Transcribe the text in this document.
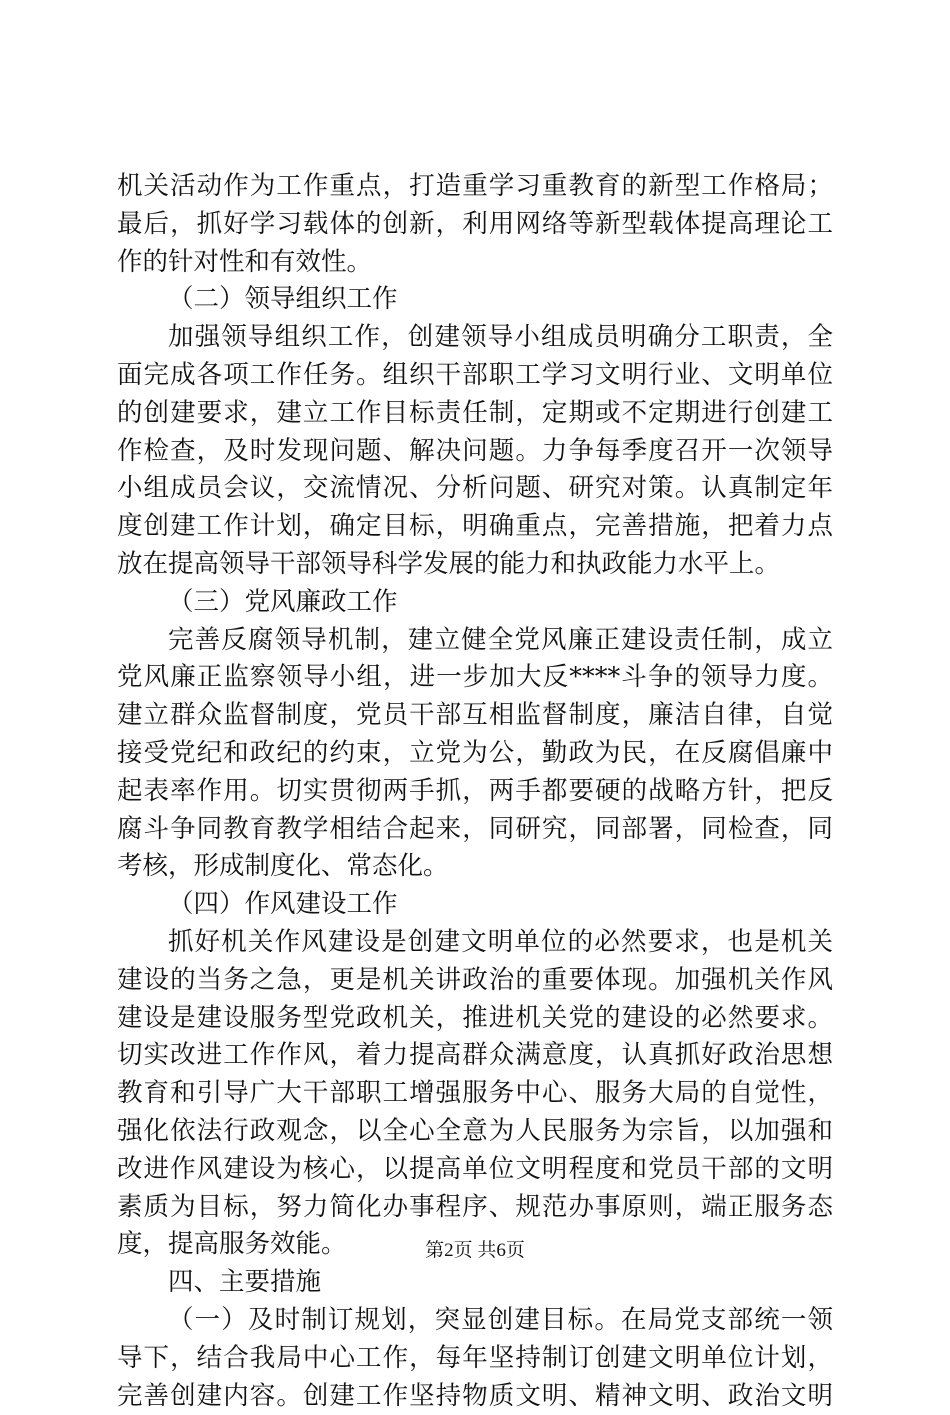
机关活动作为工作重点，打造重学习重教育的新型工作格局；
最后，抓好学习载体的创新，利用网络等新型载体提高理论工
作的针对性和有效性。
（二）领导组织工作
加强领导组织工作，创建领导小组成员明确分工职责，全
面完成各项工作任务。组织干部职工学习文明行业、文明单位
的创建要求，建立工作目标责任制，定期或不定期进行创建工
作检查，及时发现问题、解决问题。力争每季度召开一次领导
小组成员会议，交流情况、分析问题、研究对策。认真制定年
度创建工作计划，确定目标，明确重点，完善措施，把着力点
放在提高领导干部领导科学发展的能力和执政能力水平上。
（三）党风廉政工作
完善反腐领导机制，建立健全党风廉正建设责任制，成立
党风廉正监察领导小组，进一步加大反****斗争的领导力度。
建立群众监督制度，党员干部互相监督制度，廉洁自律，自觉
接受党纪和政纪的约束，立党为公，勤政为民，在反腐倡廉中
起表率作用。切实贯彻两手抓，两手都要硬的战略方针，把反
腐斗争同教育教学相结合起来，同研究，同部署，同检查，同
考核，形成制度化、常态化。
（四）作风建设工作
抓好机关作风建设是创建文明单位的必然要求，也是机关
建设的当务之急，更是机关讲政治的重要体现。加强机关作风
建设是建设服务型党政机关，推进机关党的建设的必然要求。
切实改进工作作风，着力提高群众满意度，认真抓好政治思想
教育和引导广大干部职工增强服务中心、服务大局的自觉性，
强化依法行政观念，以全心全意为人民服务为宗旨，以加强和
改进作风建设为核心，以提高单位文明程度和党员干部的文明
素质为目标，努力简化办事程序、规范办事原则，端正服务态
度，提高服务效能。
四、主要措施
（一）及时制订规划，突显创建目标。在局党支部统一领
导下，结合我局中心工作，每年坚持制订创建文明单位计划，
完善创建内容。创建工作坚持物质文明、精神文明、政治文明
第2页 共6页
